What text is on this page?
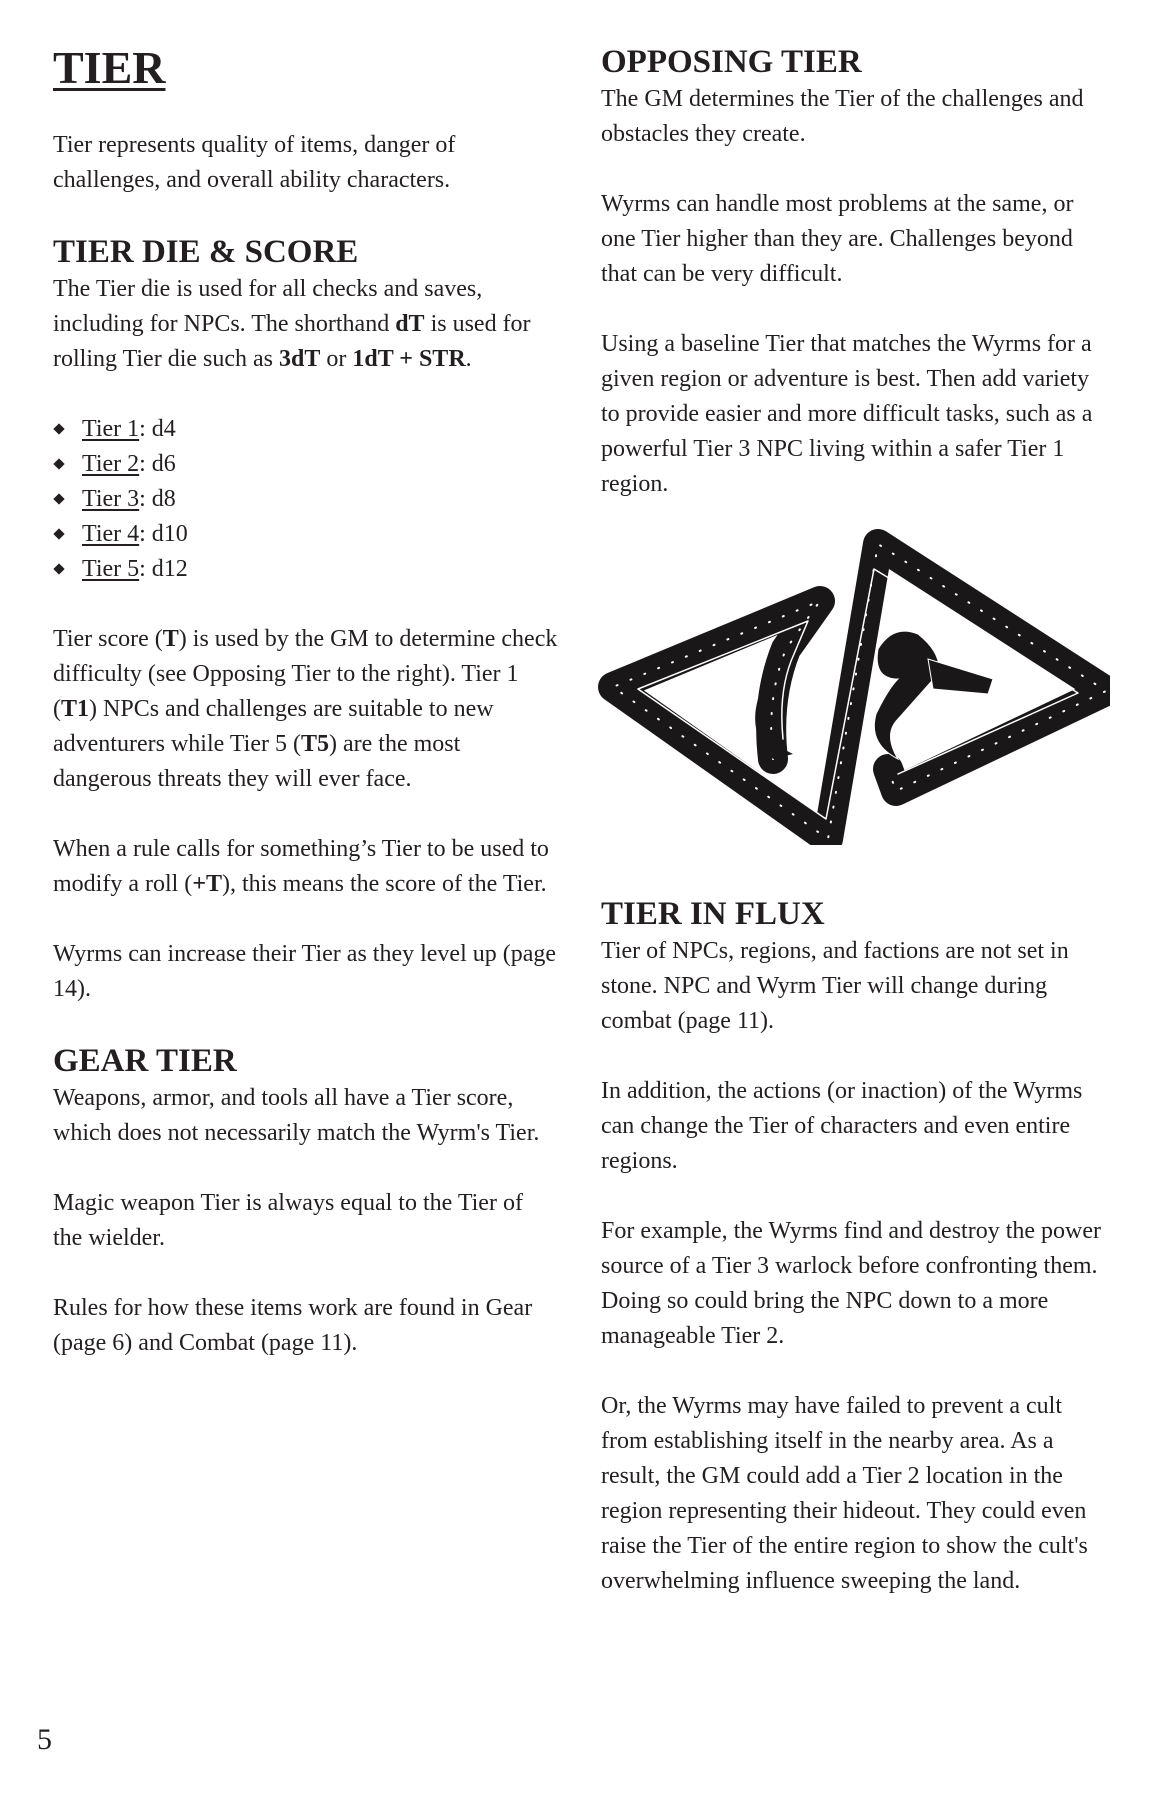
TIER

Tier represents quality of items, danger of challenges, and overall ability characters.

TIER DIE & SCORE

The Tier die is used for all checks and saves, including for NPCs. The shorthand dT is used for rolling Tier die such as 3dT or 1dT + STR.

Tier 1: d4
Tier 2: d6
Tier 3: d8
Tier 4: d10
Tier 5: d12

Tier score (T) is used by the GM to determine check difficulty (see Opposing Tier to the right). Tier 1 (T1) NPCs and challenges are suitable to new adventurers while Tier 5 (T5) are the most dangerous threats they will ever face.

When a rule calls for something’s Tier to be used to modify a roll (+T), this means the score of the Tier.

Wyrms can increase their Tier as they level up (page 14).

GEAR TIER

Weapons, armor, and tools all have a Tier score, which does not necessarily match the Wyrm's Tier.

Magic weapon Tier is always equal to the Tier of the wielder.

Rules for how these items work are found in Gear (page 6) and Combat (page 11).

OPPOSING TIER

The GM determines the Tier of the challenges and obstacles they create.

Wyrms can handle most problems at the same, or one Tier higher than they are. Challenges beyond that can be very difficult.

Using a baseline Tier that matches the Wyrms for a given region or adventure is best. Then add variety to provide easier and more difficult tasks, such as a powerful Tier 3 NPC living within a safer Tier 1 region.

TIER IN FLUX

Tier of NPCs, regions, and factions are not set in stone. NPC and Wyrm Tier will change during combat (page 11).

In addition, the actions (or inaction) of the Wyrms can change the Tier of characters and even entire regions.

For example, the Wyrms find and destroy the power source of a Tier 3 warlock before confronting them. Doing so could bring the NPC down to a more manageable Tier 2.

Or, the Wyrms may have failed to prevent a cult from establishing itself in the nearby area. As a result, the GM could add a Tier 2 location in the region representing their hideout. They could even raise the Tier of the entire region to show the cult's overwhelming influence sweeping the land.

5
